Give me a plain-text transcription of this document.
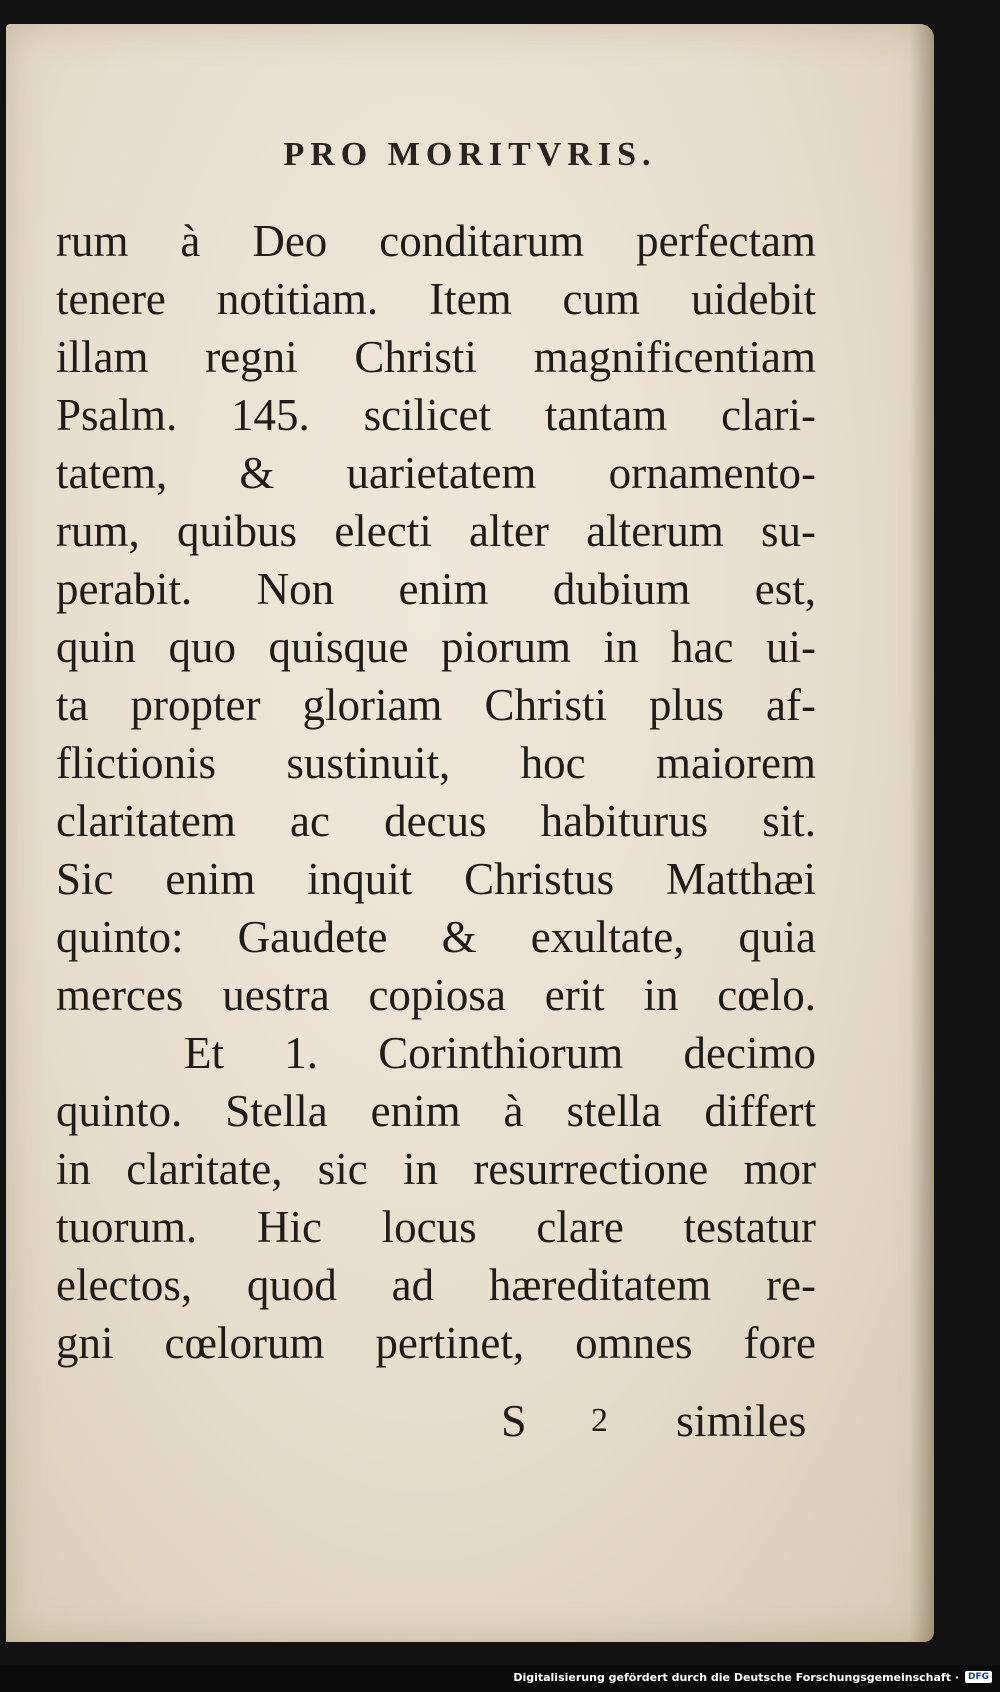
PRO MORITVRIS.
rum à Deo conditarum perfectam
tenere notitiam. Item cum uidebit
illam regni Christi magnificentiam
Psalm. 145. scilicet tantam clari-
tatem, & uarietatem ornamento-
rum, quibus electi alter alterum su-
perabit. Non enim dubium est,
quin quo quisque piorum in hac ui-
ta propter gloriam Christi plus af-
flictionis sustinuit, hoc maiorem
claritatem ac decus habiturus sit.
Sic enim inquit Christus Matthæi
quinto: Gaudete & exultate, quia
merces uestra copiosa erit in cœlo.
Et 1. Corinthiorum decimo
quinto. Stella enim à stella differt
in claritate, sic in resurrectione mor
tuorum. Hic locus clare testatur
electos, quod ad hæreditatem re-
gni cœlorum pertinet, omnes fore
S 2 similes
Digitalisierung gefördert durch die Deutsche Forschungsgemeinschaft ·	DFG
